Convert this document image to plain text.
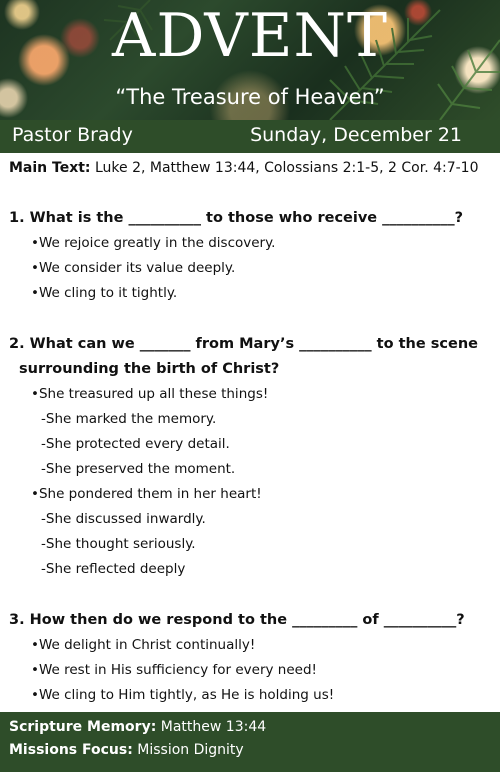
ADVENT
“The Treasure of Heaven”
Pastor Brady	Sunday, December 21
Main Text: Luke 2, Matthew 13:44, Colossians 2:1-5, 2 Cor. 4:7-10
1. What is the __________ to those who receive __________?
•We rejoice greatly in the discovery.
•We consider its value deeply.
•We cling to it tightly.
2. What can we _______ from Mary’s __________ to the scene
surrounding the birth of Christ?
•She treasured up all these things!
-She marked the memory.
-She protected every detail.
-She preserved the moment.
•She pondered them in her heart!
-She discussed inwardly.
-She thought seriously.
-She reflected deeply
3. How then do we respond to the _________ of __________?
•We delight in Christ continually!
•We rest in His sufficiency for every need!
•We cling to Him tightly, as He is holding us!
Scripture Memory: Matthew 13:44
Missions Focus: Mission Dignity
